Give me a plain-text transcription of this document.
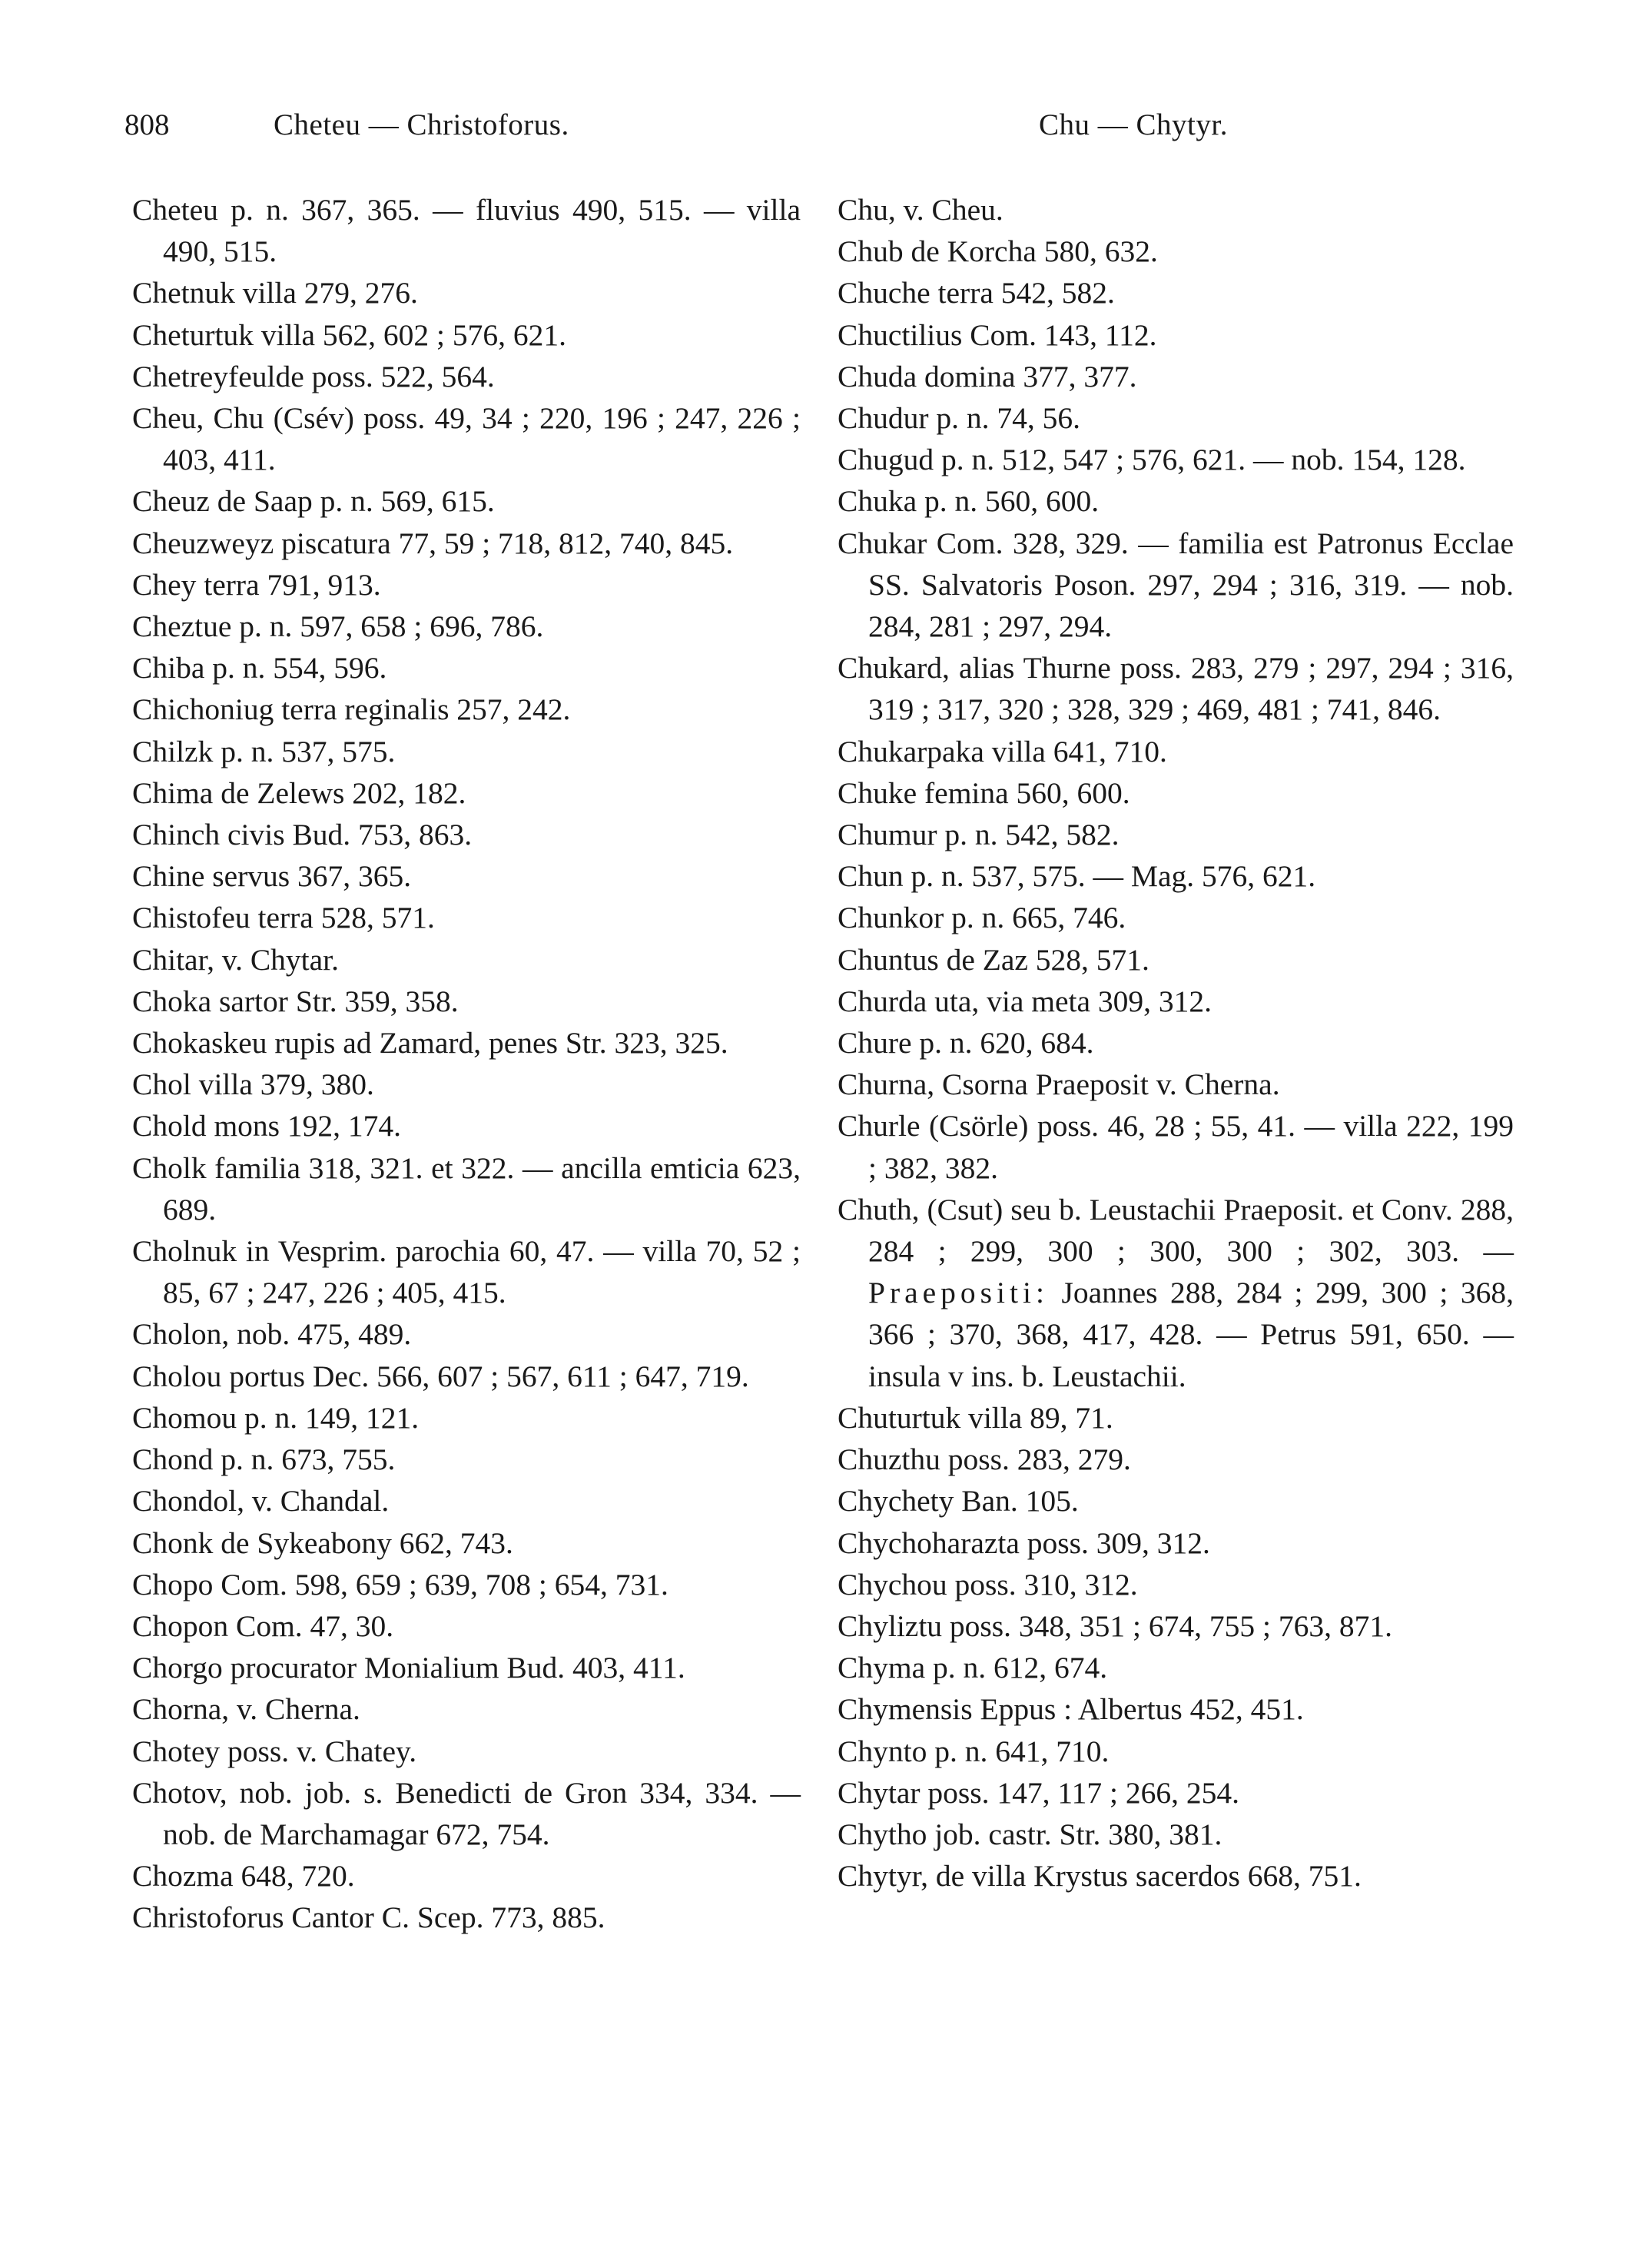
808	Cheteu — Christoforus.	Chu — Chytyr.
Cheteu p. n. 367, 365. — fluvius 490, 515. — villa 490, 515.
Chetnuk villa 279, 276.
Cheturtuk villa 562, 602 ; 576, 621.
Chetreyfeulde poss. 522, 564.
Cheu, Chu (Csév) poss. 49, 34 ; 220, 196 ; 247, 226 ; 403, 411.
Cheuz de Saap p. n. 569, 615.
Cheuzweyz piscatura 77, 59 ; 718, 812, 740, 845.
Chey terra 791, 913.
Cheztue p. n. 597, 658 ; 696, 786.
Chiba p. n. 554, 596.
Chichoniug terra reginalis 257, 242.
Chilzk p. n. 537, 575.
Chima de Zelews 202, 182.
Chinch civis Bud. 753, 863.
Chine servus 367, 365.
Chistofeu terra 528, 571.
Chitar, v. Chytar.
Choka sartor Str. 359, 358.
Chokaskeu rupis ad Zamard, penes Str. 323, 325.
Chol villa 379, 380.
Chold mons 192, 174.
Cholk familia 318, 321. et 322. — ancilla emticia 623, 689.
Cholnuk in Vesprim. parochia 60, 47. — villa 70, 52 ; 85, 67 ; 247, 226 ; 405, 415.
Cholon, nob. 475, 489.
Cholou portus Dec. 566, 607 ; 567, 611 ; 647, 719.
Chomou p. n. 149, 121.
Chond p. n. 673, 755.
Chondol, v. Chandal.
Chonk de Sykeabony 662, 743.
Chopo Com. 598, 659 ; 639, 708 ; 654, 731.
Chopon Com. 47, 30.
Chorgo procurator Monialium Bud. 403, 411.
Chorna, v. Cherna.
Chotey poss. v. Chatey.
Chotov, nob. job. s. Benedicti de Gron 334, 334. — nob. de Marchamagar 672, 754.
Chozma 648, 720.
Christoforus Cantor C. Scep. 773, 885.
Chu, v. Cheu.
Chub de Korcha 580, 632.
Chuche terra 542, 582.
Chuctilius Com. 143, 112.
Chuda domina 377, 377.
Chudur p. n. 74, 56.
Chugud p. n. 512, 547 ; 576, 621. — nob. 154, 128.
Chuka p. n. 560, 600.
Chukar Com. 328, 329. — familia est Patronus Ecclae SS. Salvatoris Poson. 297, 294 ; 316, 319. — nob. 284, 281 ; 297, 294.
Chukard, alias Thurne poss. 283, 279 ; 297, 294 ; 316, 319 ; 317, 320 ; 328, 329 ; 469, 481 ; 741, 846.
Chukarpaka villa 641, 710.
Chuke femina 560, 600.
Chumur p. n. 542, 582.
Chun p. n. 537, 575. — Mag. 576, 621.
Chunkor p. n. 665, 746.
Chuntus de Zaz 528, 571.
Churda uta, via meta 309, 312.
Chure p. n. 620, 684.
Churna, Csorna Praeposit v. Cherna.
Churle (Csörle) poss. 46, 28 ; 55, 41. — villa 222, 199 ; 382, 382.
Chuth, (Csut) seu b. Leustachii Praeposit. et Conv. 288, 284 ; 299, 300 ; 300, 300 ; 302, 303. — Praepositi: Joannes 288, 284 ; 299, 300 ; 368, 366 ; 370, 368, 417, 428. — Petrus 591, 650. — insula v ins. b. Leustachii.
Chuturtuk villa 89, 71.
Chuzthu poss. 283, 279.
Chychety Ban. 105.
Chychoharazta poss. 309, 312.
Chychou poss. 310, 312.
Chyliztu poss. 348, 351 ; 674, 755 ; 763, 871.
Chyma p. n. 612, 674.
Chymensis Eppus : Albertus 452, 451.
Chynto p. n. 641, 710.
Chytar poss. 147, 117 ; 266, 254.
Chytho job. castr. Str. 380, 381.
Chytyr, de villa Krystus sacerdos 668, 751.
